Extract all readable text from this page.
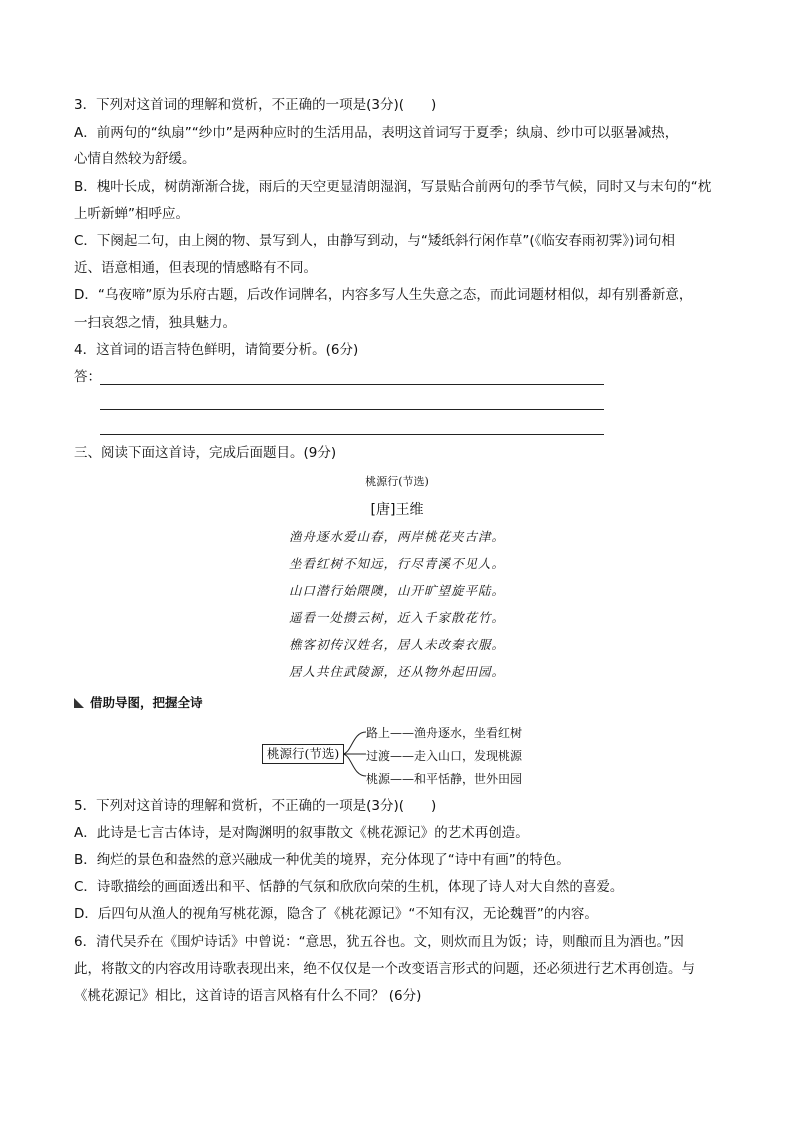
3．下列对这首词的理解和赏析，不正确的一项是(3分)(　　)
A．前两句的“纨扇”“纱巾”是两种应时的生活用品，表明这首词写于夏季；纨扇、纱巾可以驱暑减热，
心情自然较为舒缓。
B．槐叶长成，树荫渐渐合拢，雨后的天空更显清朗湿润，写景贴合前两句的季节气候，同时又与末句的“枕
上听新蝉”相呼应。
C．下阕起二句，由上阕的物、景写到人，由静写到动，与“矮纸斜行闲作草”(《临安春雨初霁》)词句相
近、语意相通，但表现的情感略有不同。
D．“乌夜啼”原为乐府古题，后改作词牌名，内容多写人生失意之态，而此词题材相似，却有别番新意，
一扫哀怨之情，独具魅力。
4．这首词的语言特色鲜明，请简要分析。(6分)
答：
三、阅读下面这首诗，完成后面题目。(9分)
桃源行(节选)
[唐]王维
渔舟逐水爱山春，两岸桃花夹古津。
坐看红树不知远，行尽青溪不见人。
山口潜行始隈隩，山开旷望旋平陆。
遥看一处攒云树，近入千家散花竹。
樵客初传汉姓名，居人未改秦衣服。
居人共住武陵源，还从物外起田园。
借助导图，把握全诗
桃源行(节选)
路上——渔舟逐水，坐看红树
过渡——走入山口，发现桃源
桃源——和平恬静，世外田园
5．下列对这首诗的理解和赏析，不正确的一项是(3分)(　　)
A．此诗是七言古体诗，是对陶渊明的叙事散文《桃花源记》的艺术再创造。
B．绚烂的景色和盎然的意兴融成一种优美的境界，充分体现了“诗中有画”的特色。
C．诗歌描绘的画面透出和平、恬静的气氛和欣欣向荣的生机，体现了诗人对大自然的喜爱。
D．后四句从渔人的视角写桃花源，隐含了《桃花源记》“不知有汉，无论魏晋”的内容。
6．清代吴乔在《围炉诗话》中曾说：“意思，犹五谷也。文，则炊而且为饭；诗，则酿而且为酒也。”因
此，将散文的内容改用诗歌表现出来，绝不仅仅是一个改变语言形式的问题，还必须进行艺术再创造。与
《桃花源记》相比，这首诗的语言风格有什么不同？ (6分)
